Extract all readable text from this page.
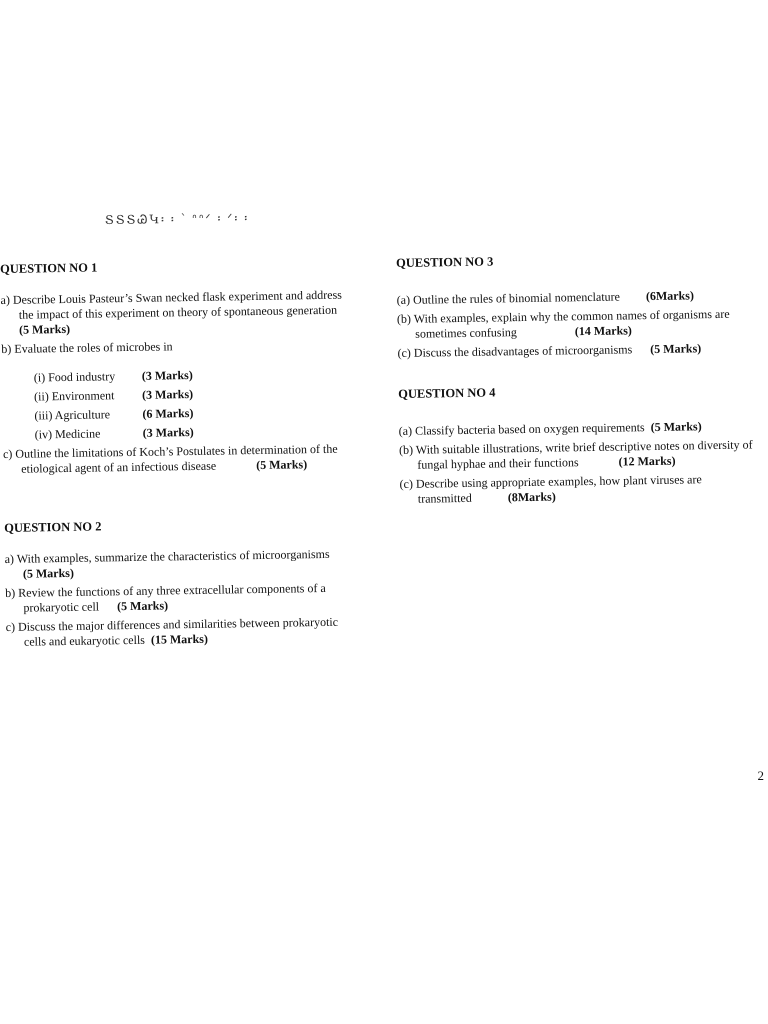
ՏՏՏᏊԿ፡ ፡ ՝ ᐢᐢᐟ ፡ ᐟ፡ ፡
QUESTION NO 1
a) Describe Louis Pasteur’s Swan necked flask experiment and address
the impact of this experiment on theory of spontaneous generation
(5 Marks)
b) Evaluate the roles of microbes in
(i) Food industry	(3 Marks)
(ii) Environment	(3 Marks)
(iii) Agriculture	(6 Marks)
(iv) Medicine	(3 Marks)
c) Outline the limitations of Koch’s Postulates in determination of the
etiological agent of an infectious disease	(5 Marks)
QUESTION NO 2
a) With examples, summarize the characteristics of microorganisms
(5 Marks)
b) Review the functions of any three extracellular components of a
prokaryotic cell (5 Marks)
c) Discuss the major differences and similarities between prokaryotic
cells and eukaryotic cells (15 Marks)
QUESTION NO 3
(a) Outline the rules of binomial nomenclature (6Marks)
(b) With examples, explain why the common names of organisms are
sometimes confusing	(14 Marks)
(c) Discuss the disadvantages of microorganisms (5 Marks)
QUESTION NO 4
(a) Classify bacteria based on oxygen requirements (5 Marks)
(b) With suitable illustrations, write brief descriptive notes on diversity of
fungal hyphae and their functions	(12 Marks)
(c) Describe using appropriate examples, how plant viruses are
transmitted	(8Marks)
2
